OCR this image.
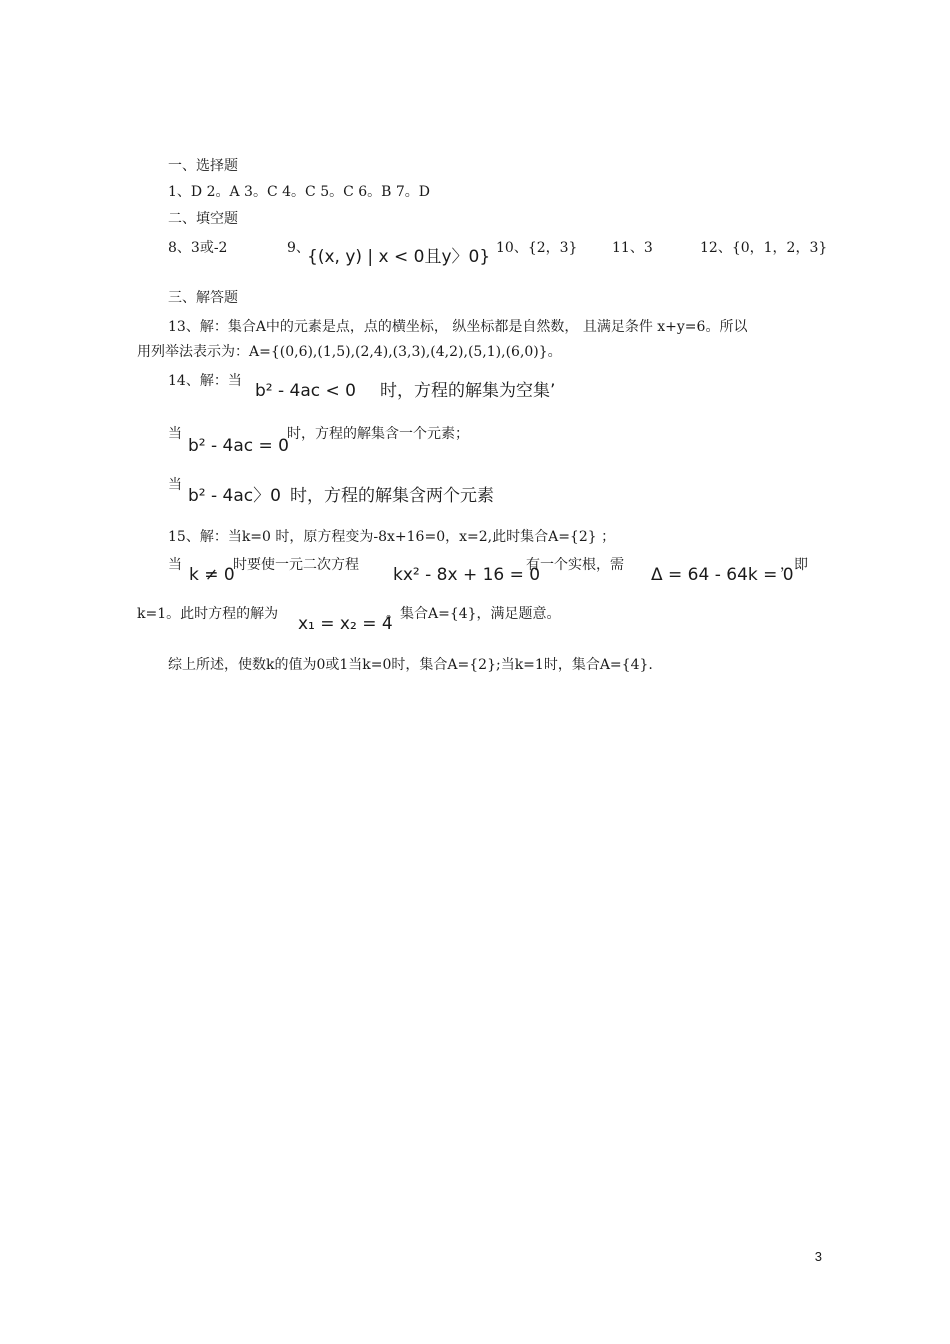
一、选择题
1、D 2。A 3。C 4。C 5。C 6。B 7。D
二、填空题
8、3或-2	9、
{(x, y) | x < 0且y〉0} 10、{2，3} 11、3	12、{0，1，2，3}
三、解答题
13、解：集合A中的元素是点，点的横坐标， 纵坐标都是自然数， 且满足条件 x+y=6。所以
用列举法表示为：A={(0,6),(1,5),(2,4),(3,3),(4,2),(5,1),(6,0)}。
14、解：当 b² - 4ac < 0 时，方程的解集为空集’
当
b² - 4ac = 0
时，方程的解集含一个元素；
当
b² - 4ac〉0 时，方程的解集含两个元素
15、解：当k=0 时，原方程变为-8x+16=0，x=2,此时集合A={2} ；
当 k ≠ 0
时要使一元二次方程 kx² - 8x + 16 = 0
有一个实根，需 Δ = 64 - 64k = 0
，即
k=1。此时方程的解为 x₁ = x₂ = 4
。集合A={4}，满足题意。
综上所述，使数k的值为0或1当k=0时，集合A={2};当k=1时，集合A={4}.
3
